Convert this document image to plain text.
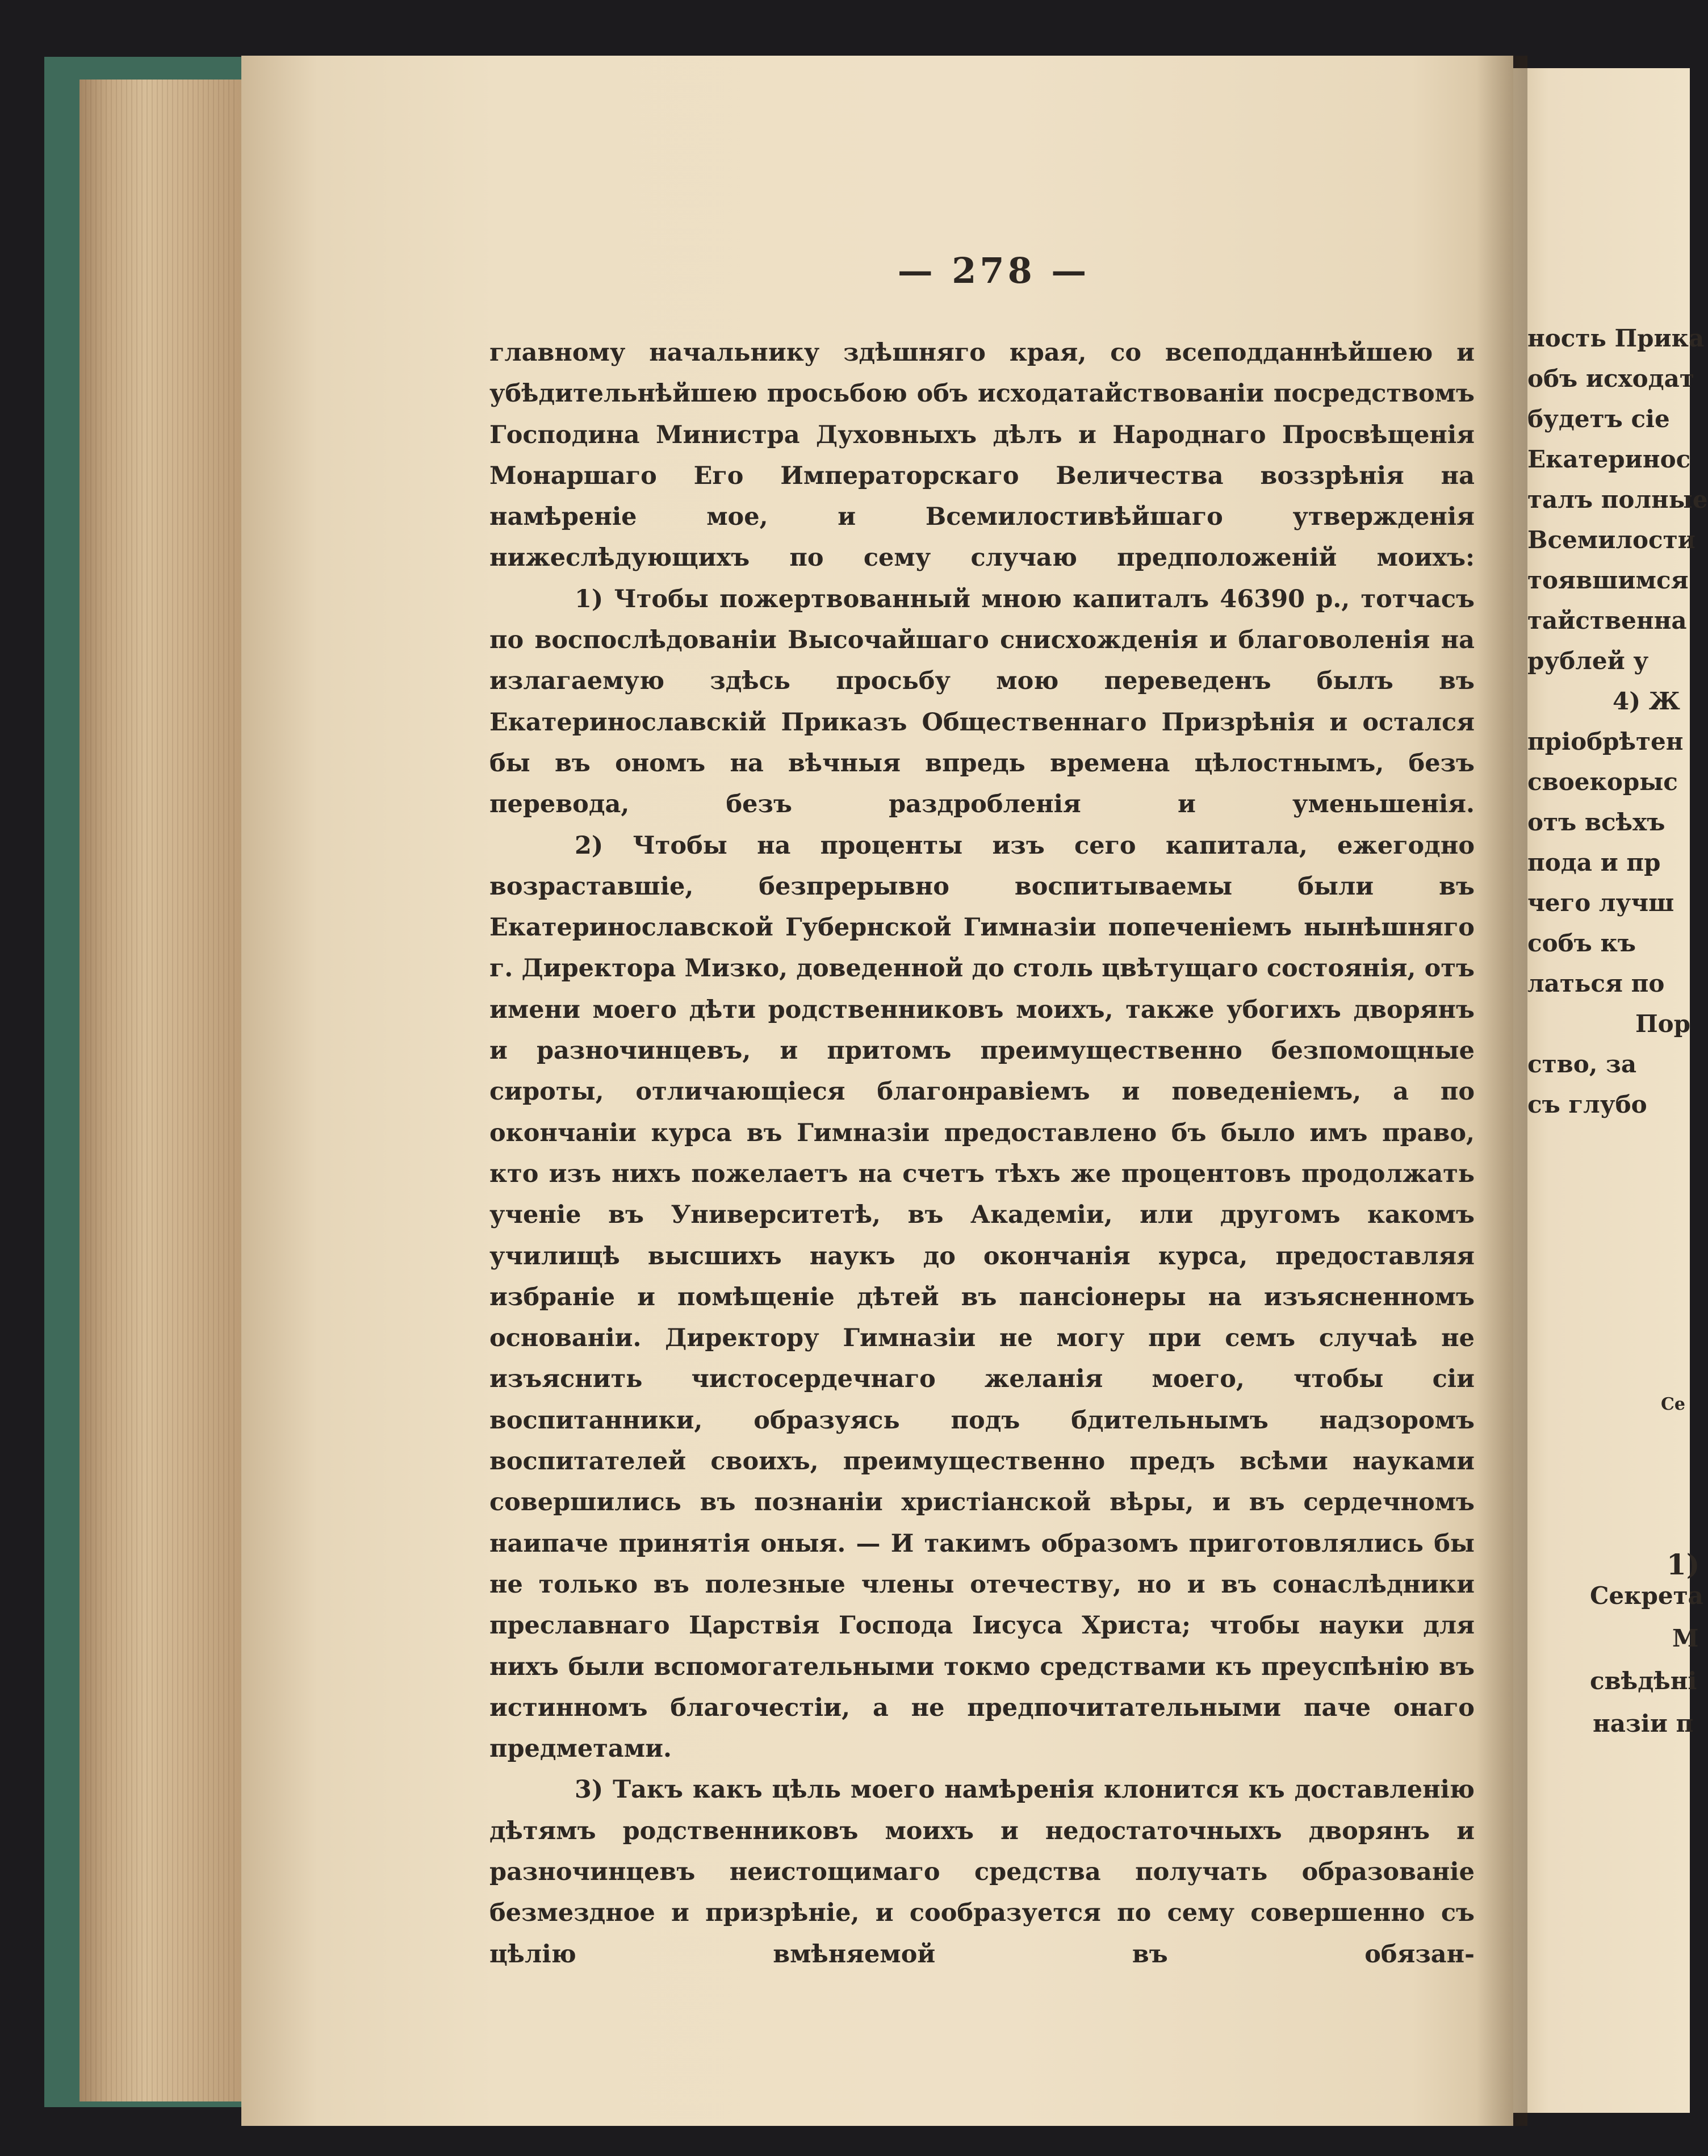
— 278 —

главному начальнику здѣшняго края, со всеподданнѣйшею и убѣдительнѣйшею просьбою объ исходатайствованіи посредствомъ Господина Министра Духовныхъ дѣлъ и Народнаго Просвѣщенія Монаршаго Его Императорскаго Величества воззрѣнія на намѣреніе мое, и Всемилостивѣйшаго утвержденія нижеслѣдующихъ по сему случаю предположеній моихъ:

1) Чтобы пожертвованный мною капиталъ 46390 р., тотчасъ по воспослѣдованіи Высочайшаго снисхожденія и благоволенія на излагаемую здѣсь просьбу мою переведенъ былъ въ Екатеринославскій Приказъ Общественнаго Призрѣнія и остался бы въ ономъ на вѣчныя впредь времена цѣлостнымъ, безъ перевода, безъ раздробленія и уменьшенія.

2) Чтобы на проценты изъ сего капитала, ежегодно возраставшіе, безпрерывно воспитываемы были въ Екатеринославской Губернской Гимназіи попеченіемъ нынѣшняго г. Директора Мизко, доведенной до столь цвѣтущаго состоянія, отъ имени моего дѣти родственниковъ моихъ, также убогихъ дворянъ и разночинцевъ, и притомъ преимущественно безпомощные сироты, отличающіеся благонравіемъ и поведеніемъ, а по окончаніи курса въ Гимназіи предоставлено бъ было имъ право, кто изъ нихъ пожелаетъ на счетъ тѣхъ же процентовъ продолжать ученіе въ Университетѣ, въ Академіи, или другомъ какомъ училищѣ высшихъ наукъ до окончанія курса, предоставляя избраніе и помѣщеніе дѣтей въ пансіонеры на изъясненномъ основаніи. Директору Гимназіи не могу при семъ случаѣ не изъяснить чистосердечнаго желанія моего, чтобы сіи воспитанники, образуясь подъ бдительнымъ надзоромъ воспитателей своихъ, преимущественно предъ всѣми науками совершились въ познаніи христіанской вѣры, и въ сердечномъ наипаче принятія оныя. — И такимъ образомъ приготовлялись бы не только въ полезные члены отечеству, но и въ сонаслѣдники преславнаго Царствія Господа Іисуса Христа; чтобы науки для нихъ были вспомогательными токмо средствами къ преуспѣнію въ истинномъ благочестіи, а не предпочитательными паче онаго предметами.

3) Такъ какъ цѣль моего намѣренія клонится къ доставленію дѣтямъ родственниковъ моихъ и недостаточныхъ дворянъ и разночинцевъ неистощимаго средства получать образованіе безмездное и призрѣніе, и сообразуется по сему совершенно съ цѣлію вмѣняемой въ обязан-

ность Прика

объ исходат

будетъ сіе

Екатеринос

талъ полные

Всемилости

тоявшимся

тайственна

рублей у

4) Ж

пріобрѣтен

своекорыс

отъ всѣхъ

пода и пр

чего лучш

собъ къ

латься по

Пор

ство, за

съ глубо

Се
1)
Секрета
М
свѣдѣні
назіи п
